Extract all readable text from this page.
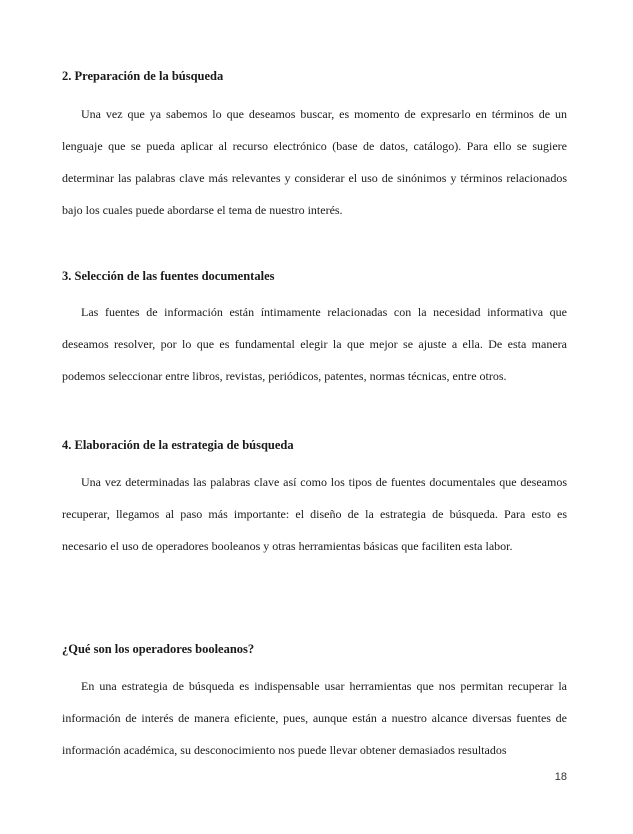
2. Preparación de la búsqueda

Una vez que ya sabemos lo que deseamos buscar, es momento de expresarlo en términos de un lenguaje que se pueda aplicar al recurso electrónico (base de datos, catálogo). Para ello se sugiere determinar las palabras clave más relevantes y considerar el uso de sinónimos y términos relacionados bajo los cuales puede abordarse el tema de nuestro interés.

3. Selección de las fuentes documentales

Las fuentes de información están íntimamente relacionadas con la necesidad informativa que deseamos resolver, por lo que es fundamental elegir la que mejor se ajuste a ella. De esta manera podemos seleccionar entre libros, revistas, periódicos, patentes, normas técnicas, entre otros.

4. Elaboración de la estrategia de búsqueda

Una vez determinadas las palabras clave así como los tipos de fuentes documentales que deseamos recuperar, llegamos al paso más importante: el diseño de la estrategia de búsqueda. Para esto es necesario el uso de operadores booleanos y otras herramientas básicas que faciliten esta labor.

¿Qué son los operadores booleanos?

En una estrategia de búsqueda es indispensable usar herramientas que nos permitan recuperar la información de interés de manera eficiente, pues, aunque están a nuestro alcance diversas fuentes de información académica, su desconocimiento nos puede llevar obtener demasiados resultados

18
